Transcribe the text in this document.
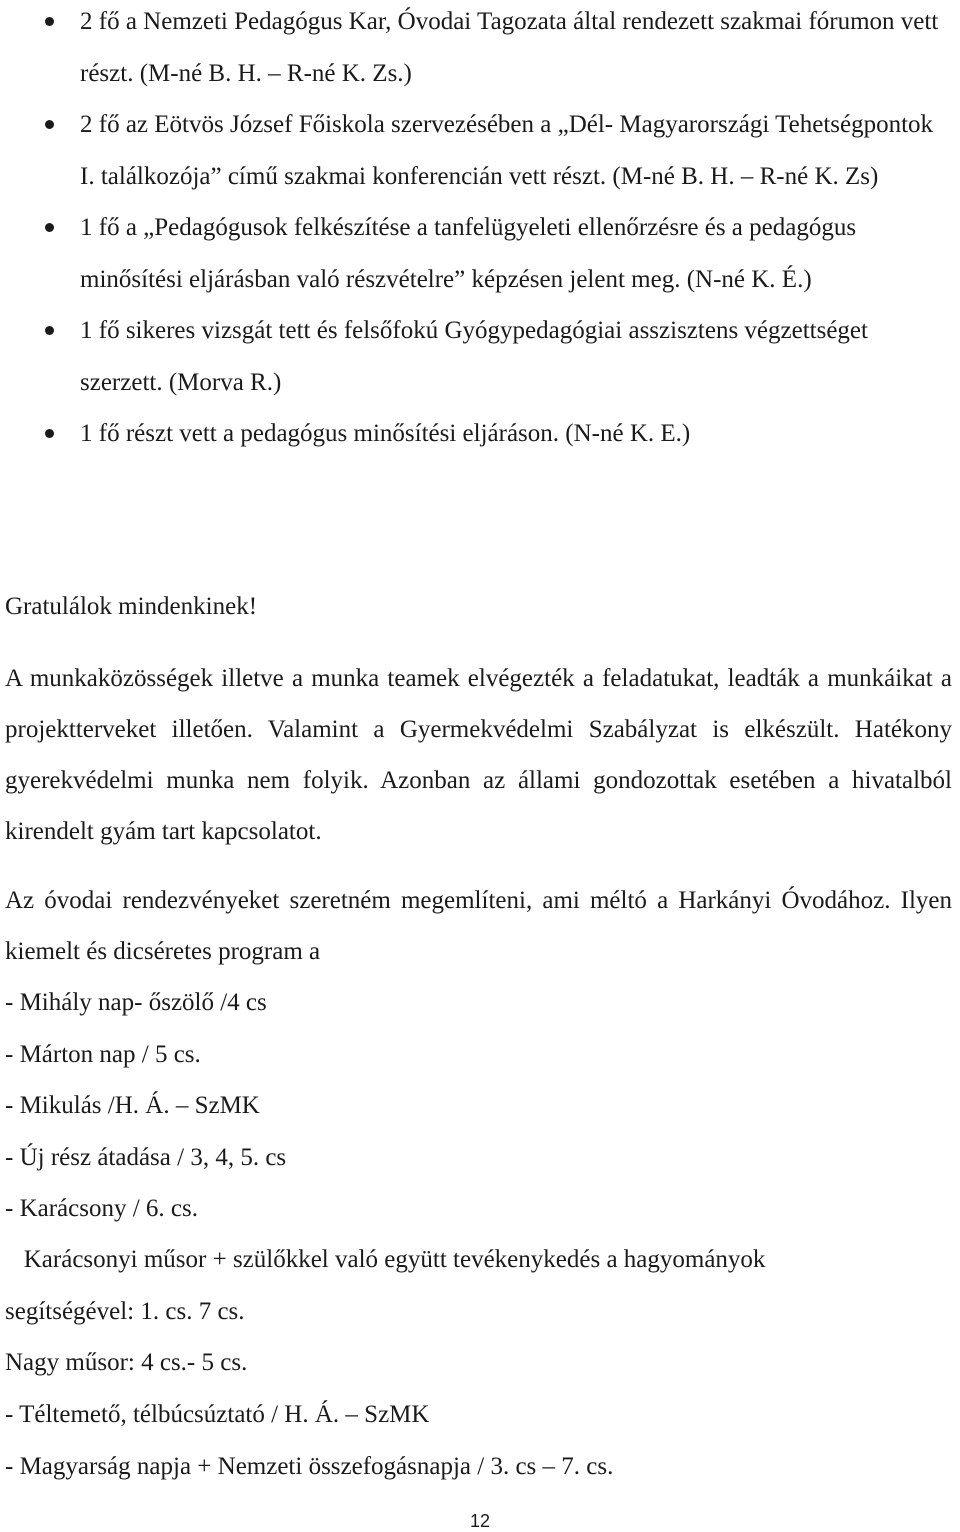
2 fő a Nemzeti Pedagógus Kar, Óvodai Tagozata által rendezett szakmai fórumon vett részt. (M-né B. H. – R-né K. Zs.)
2 fő az Eötvös József Főiskola szervezésében a „Dél- Magyarországi Tehetségpontok I. találkozója” című szakmai konferencián vett részt. (M-né B. H. – R-né K. Zs)
1 fő a „Pedagógusok felkészítése a tanfelügyeleti ellenőrzésre és a pedagógus minősítési eljárásban való részvételre” képzésen jelent meg. (N-né K. É.)
1 fő sikeres vizsgát tett és felsőfokú Gyógypedagógiai asszisztens végzettséget szerzett. (Morva R.)
1 fő részt vett a pedagógus minősítési eljáráson. (N-né K. E.)
Gratulálok mindenkinek!
A munkaközösségek illetve a munka teamek elvégezték a feladatukat, leadták a munkáikat a projektterveket illetően. Valamint a Gyermekvédelmi Szabályzat is elkészült. Hatékony gyerekvédelmi munka nem folyik. Azonban az állami gondozottak esetében a hivatalból kirendelt gyám tart kapcsolatot.
Az óvodai rendezvényeket szeretném megemlíteni, ami méltó a Harkányi Óvodához. Ilyen kiemelt és dicséretes program a
- Mihály nap- őszölő /4 cs
- Márton nap / 5 cs.
- Mikulás /H. Á. – SzMK
- Új rész átadása / 3, 4, 5. cs
- Karácsony / 6. cs.
Karácsonyi műsor + szülőkkel való együtt tevékenykedés a hagyományok
segítségével: 1. cs. 7 cs.
Nagy műsor: 4 cs.- 5 cs.
- Téltemető, télbúcsúztató / H. Á. – SzMK
- Magyarság napja + Nemzeti összefogásnapja / 3. cs – 7. cs.
12
